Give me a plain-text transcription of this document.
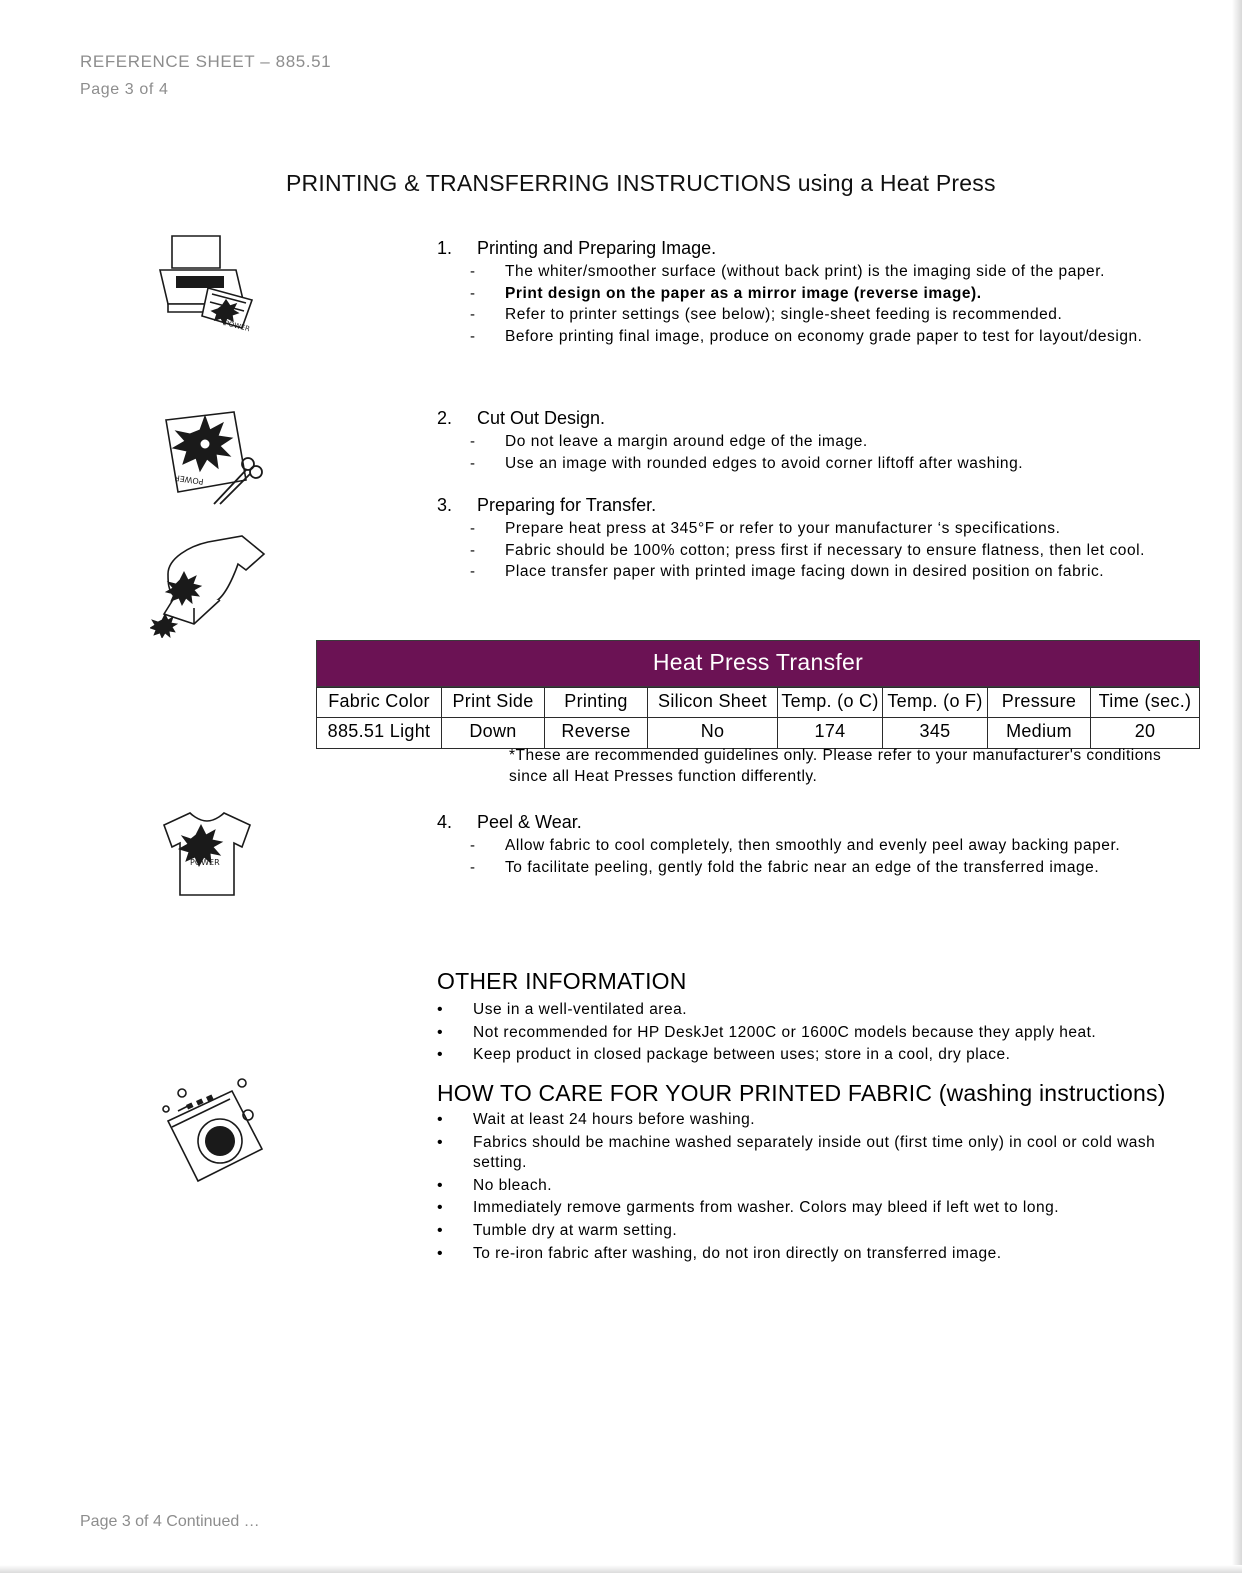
REFERENCE SHEET – 885.51
Page 3 of 4
PRINTING & TRANSFERRING INSTRUCTIONS using a Heat Press
POWER
POWER
POWER
1.	Printing and Preparing Image.
-	The whiter/smoother surface (without back print) is the imaging side of the paper.
-	Print design on the paper as a mirror image (reverse image).
-	Refer to printer settings (see below); single-sheet feeding is recommended.
-	Before printing final image, produce on economy grade paper to test for layout/design.
2.	Cut Out Design.
-	Do not leave a margin around edge of the image.
-	Use an image with rounded edges to avoid corner liftoff after washing.
3.	Preparing for Transfer.
-	Prepare heat press at 345°F or refer to your manufacturer ‘s specifications.
-	Fabric should be 100% cotton; press first if necessary to ensure flatness, then let cool.
-	Place transfer paper with printed image facing down in desired position on fabric.
Heat Press Transfer
Fabric Color	Print Side	Printing	Silicon Sheet	Temp. (o C)	Temp. (o F)	Pressure	Time (sec.)
885.51 Light	Down	Reverse	No	174	345	Medium	20
*These are recommended guidelines only. Please refer to your manufacturer's conditions since all Heat Presses function differently.
4.	Peel & Wear.
-	Allow fabric to cool completely, then smoothly and evenly peel away backing paper.
-	To facilitate peeling, gently fold the fabric near an edge of the transferred image.
OTHER INFORMATION
•	Use in a well-ventilated area.
•	Not recommended for HP DeskJet 1200C or 1600C models because they apply heat.
•	Keep product in closed package between uses; store in a cool, dry place.
HOW TO CARE FOR YOUR PRINTED FABRIC (washing instructions)
•	Wait at least 24 hours before washing.
•	Fabrics should be machine washed separately inside out (first time only) in cool or cold wash setting.
•	No bleach.
•	Immediately remove garments from washer. Colors may bleed if left wet to long.
•	Tumble dry at warm setting.
•	To re-iron fabric after washing, do not iron directly on transferred image.
Page 3 of 4 Continued …
